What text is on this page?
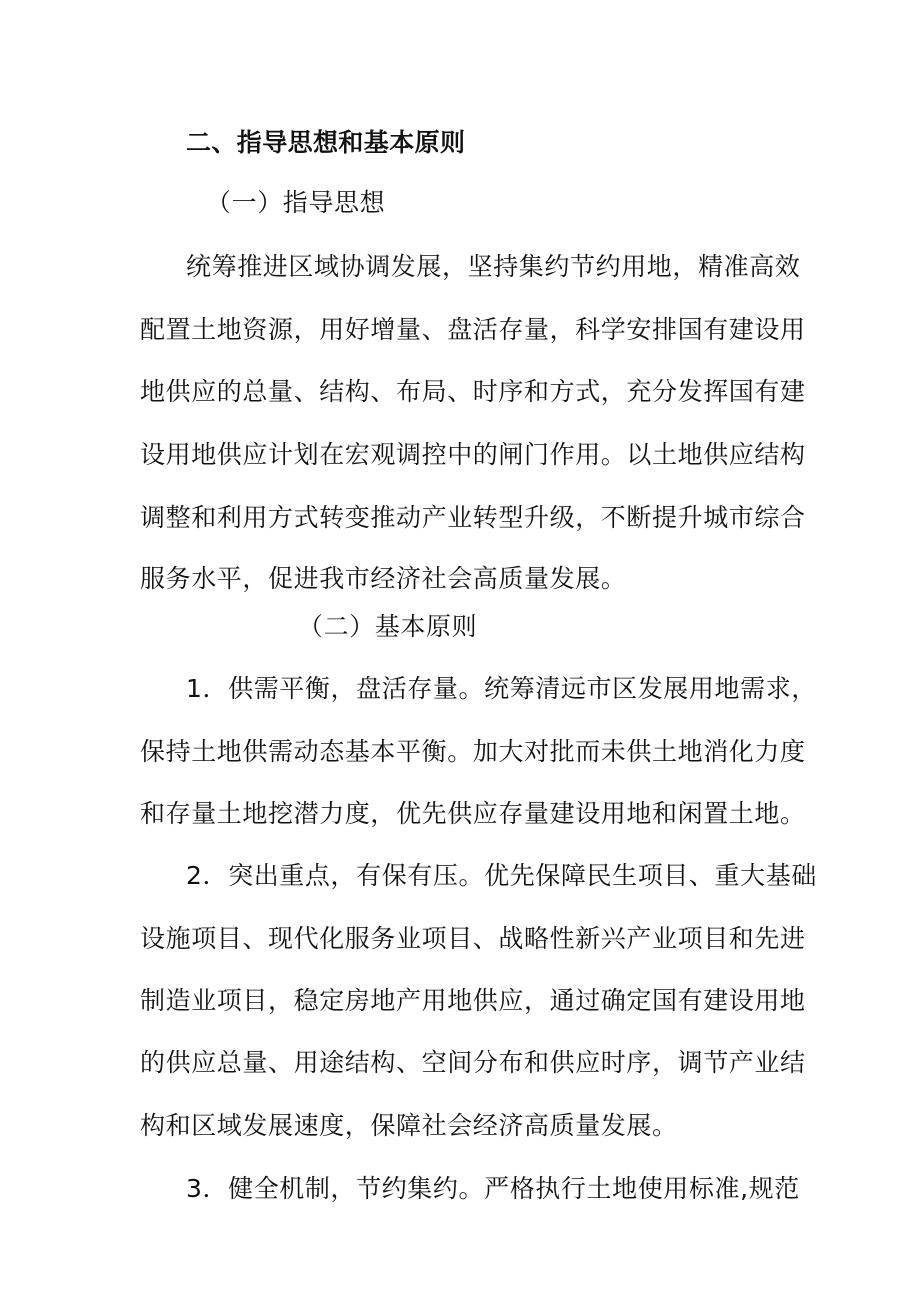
二、指导思想和基本原则
（一）指导思想
统筹推进区域协调发展，坚持集约节约用地，精准高效
配置土地资源，用好增量、盘活存量，科学安排国有建设用
地供应的总量、结构、布局、时序和方式，充分发挥国有建
设用地供应计划在宏观调控中的闸门作用。以土地供应结构
调整和利用方式转变推动产业转型升级，不断提升城市综合
服务水平，促进我市经济社会高质量发展。
（二）基本原则
1．供需平衡，盘活存量。统筹清远市区发展用地需求，
保持土地供需动态基本平衡。加大对批而未供土地消化力度
和存量土地挖潜力度，优先供应存量建设用地和闲置土地。
2．突出重点，有保有压。优先保障民生项目、重大基础
设施项目、现代化服务业项目、战略性新兴产业项目和先进
制造业项目，稳定房地产用地供应，通过确定国有建设用地
的供应总量、用途结构、空间分布和供应时序，调节产业结
构和区域发展速度，保障社会经济高质量发展。
3．健全机制，节约集约。严格执行土地使用标准,规范
